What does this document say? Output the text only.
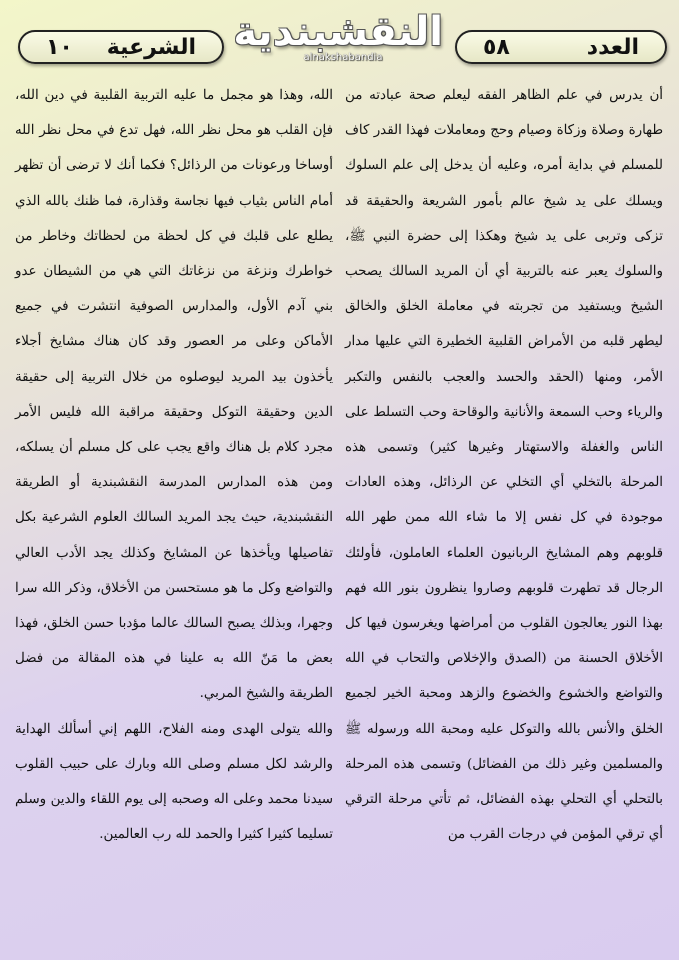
العدد
٥٨
النقشبندية
alnakshabandia
الشرعية
١٠

أن يدرس في علم الظاهر الفقه ليعلم صحة عبادته من طهارة وصلاة وزكاة وصيام وحج ومعاملات فهذا القدر كاف للمسلم في بداية أمره، وعليه أن يدخل إلى علم السلوك ويسلك على يد شيخ عالم بأمور الشريعة والحقيقة قد تزكى وتربى على يد شيخ وهكذا إلى حضرة النبي ﷺ، والسلوك يعبر عنه بالتربية أي أن المريد السالك يصحب الشيخ ويستفيد من تجربته في معاملة الخلق والخالق ليطهر قلبه من الأمراض القلبية الخطيرة التي عليها مدار الأمر، ومنها (الحقد والحسد والعجب بالنفس والتكبر والرياء وحب السمعة والأنانية والوقاحة وحب التسلط على الناس والغفلة والاستهتار وغيرها كثير) وتسمى هذه المرحلة بالتخلي أي التخلي عن الرذائل، وهذه العادات موجودة في كل نفس إلا ما شاء الله ممن طهر الله قلوبهم وهم المشايخ الربانيون العلماء العاملون، فأولئك الرجال قد تطهرت قلوبهم وصاروا ينظرون بنور الله فهم بهذا النور يعالجون القلوب من أمراضها ويغرسون فيها كل الأخلاق الحسنة من (الصدق والإخلاص والتحاب في الله والتواضع والخشوع والخضوع والزهد ومحبة الخير لجميع الخلق والأنس بالله والتوكل عليه ومحبة الله ورسوله ﷺ والمسلمين وغير ذلك من الفضائل) وتسمى هذه المرحلة بالتحلي أي التحلي بهذه الفضائل، ثم تأتي مرحلة الترقي أي ترقي المؤمن في درجات القرب من

الله، وهذا هو مجمل ما عليه التربية القلبية في دين الله، فإن القلب هو محل نظر الله، فهل تدع في محل نظر الله أوساخا ورعونات من الرذائل؟ فكما أنك لا ترضى أن تظهر أمام الناس بثياب فيها نجاسة وقذارة، فما ظنك بالله الذي يطلع على قلبك في كل لحظة من لحظاتك وخاطر من خواطرك ونزغة من نزغاتك التي هي من الشيطان عدو بني آدم الأول، والمدارس الصوفية انتشرت في جميع الأماكن وعلى مر العصور وقد كان هناك مشايخ أجلاء يأخذون بيد المريد ليوصلوه من خلال التربية إلى حقيقة الدين وحقيقة التوكل وحقيقة مراقبة الله فليس الأمر مجرد كلام بل هناك واقع يجب على كل مسلم أن يسلكه، ومن هذه المدارس المدرسة النقشبندية أو الطريقة النقشبندية، حيث يجد المريد السالك العلوم الشرعية بكل تفاصيلها ويأخذها عن المشايخ وكذلك يجد الأدب العالي والتواضع وكل ما هو مستحسن من الأخلاق، وذكر الله سرا وجهرا، وبذلك يصبح السالك عالما مؤدبا حسن الخلق، فهذا بعض ما مَنّ الله به علينا في هذه المقالة من فضل الطريقة والشيخ المربي.

والله يتولى الهدى ومنه الفلاح، اللهم إني أسألك الهداية والرشد لكل مسلم وصلى الله وبارك على حبيب القلوب سيدنا محمد وعلى اله وصحبه إلى يوم اللقاء والدين وسلم تسليما كثيرا كثيرا والحمد لله رب العالمين.
